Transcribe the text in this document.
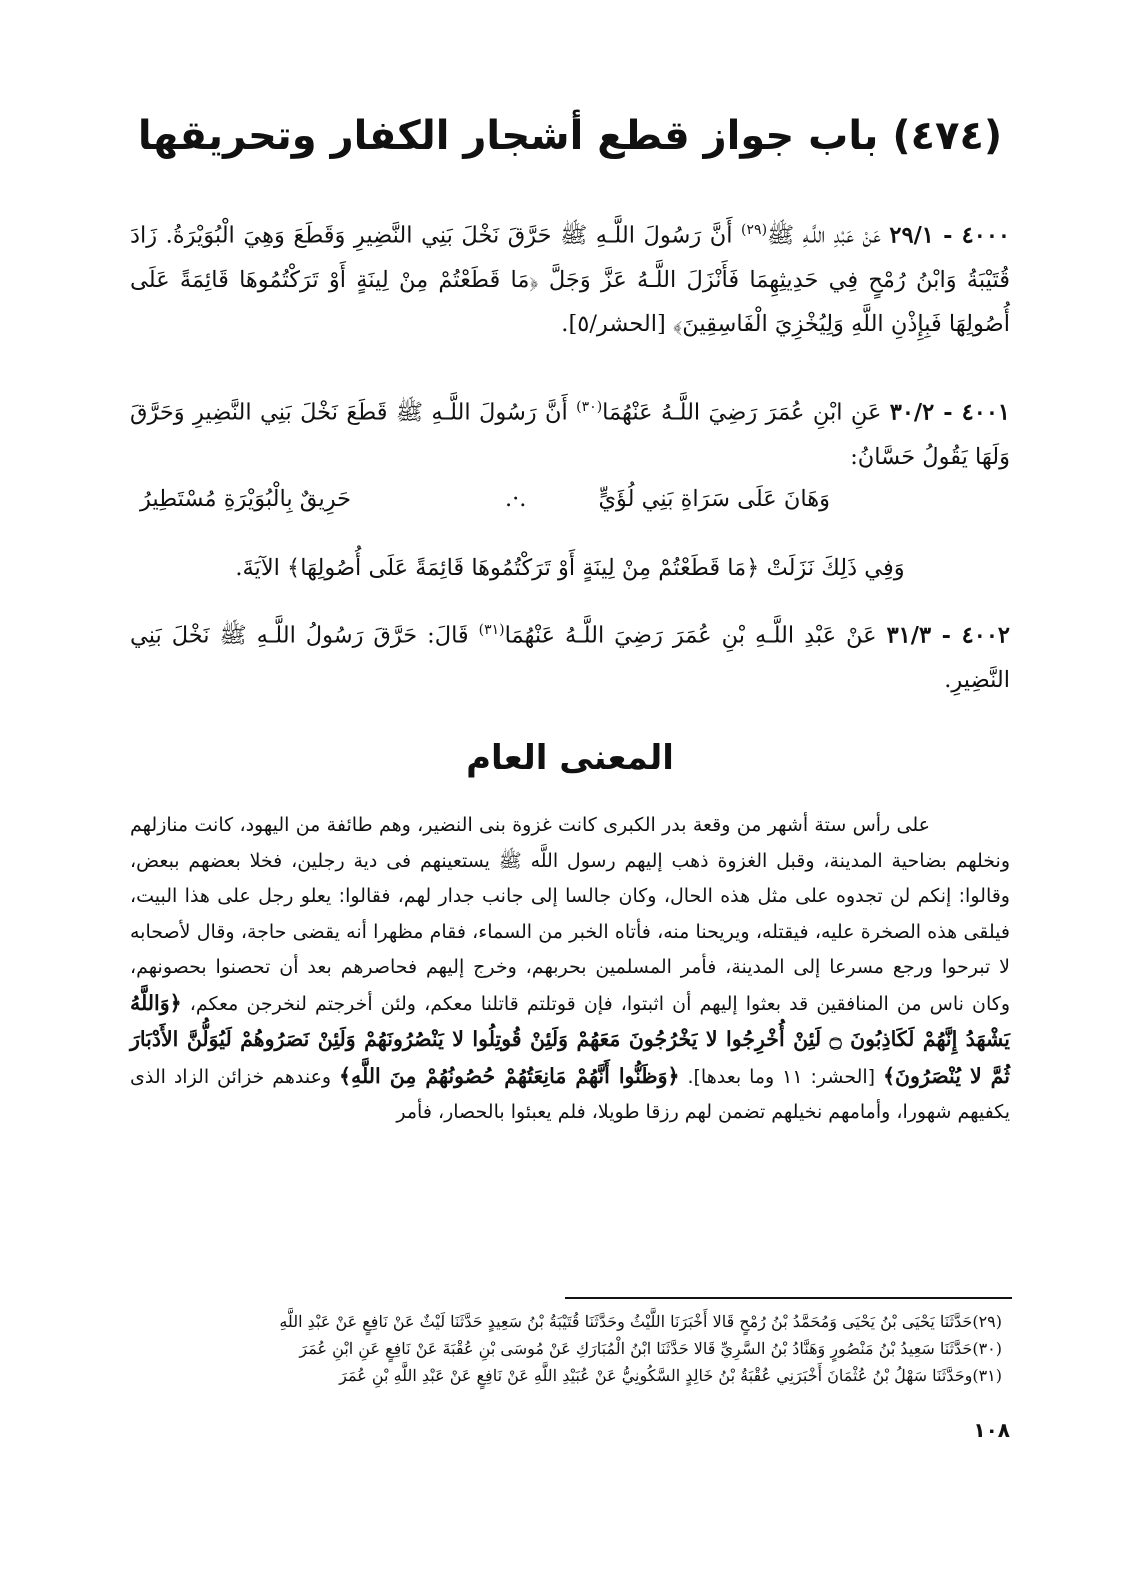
(٤٧٤) باب جواز قطع أشجار الكفار وتحريقها

٤٠٠٠ - ٢٩/١ عَنْ عَبْدِ اللَّـهِ ﷺ$^{(٢٩)}$ أَنَّ رَسُولَ اللَّـهِ ﷺ حَرَّقَ نَخْلَ بَنِي النَّضِيرِ وَقَطَعَ وَهِيَ الْبُوَيْرَةُ. زَادَ قُتَيْبَةُ وَابْنُ رُمْحٍ فِي حَدِيثِهِمَا فَأَنْزَلَ اللَّـهُ عَزَّ وَجَلَّ ﴿مَا قَطَعْتُمْ مِنْ لِينَةٍ أَوْ تَرَكْتُمُوهَا قَائِمَةً عَلَى أُصُولِهَا فَبِإِذْنِ اللَّهِ وَلِيُخْزِيَ الْفَاسِقِينَ﴾ [الحشر/٥].

٤٠٠١ - ٣٠/٢ عَنِ ابْنِ عُمَرَ رَضِيَ اللَّـهُ عَنْهُمَا$^{(٣٠)}$ أَنَّ رَسُولَ اللَّـهِ ﷺ قَطَعَ نَخْلَ بَنِي النَّضِيرِ وَحَرَّقَ وَلَهَا يَقُولُ حَسَّانُ:

وَهَانَ عَلَى سَرَاةِ بَنِي لُؤَيٍّ
.·.
حَرِيقٌ بِالْبُوَيْرَةِ مُسْتَطِيرُ

وَفِي ذَلِكَ نَزَلَتْ ﴿مَا قَطَعْتُمْ مِنْ لِينَةٍ أَوْ تَرَكْتُمُوهَا قَائِمَةً عَلَى أُصُولِهَا﴾ الآيَةَ.

٤٠٠٢ - ٣١/٣ عَنْ عَبْدِ اللَّـهِ بْنِ عُمَرَ رَضِيَ اللَّـهُ عَنْهُمَا$^{(٣١)}$ قَالَ: حَرَّقَ رَسُولُ اللَّـهِ ﷺ نَخْلَ بَنِي النَّضِيرِ.

المعنى العام

على رأس ستة أشهر من وقعة بدر الكبرى كانت غزوة بنى النضير، وهم طائفة من اليهود، كانت منازلهم ونخلهم بضاحية المدينة، وقبل الغزوة ذهب إليهم رسول اللَّه ﷺ يستعينهم فى دية رجلين، فخلا بعضهم ببعض، وقالوا: إنكم لن تجدوه على مثل هذه الحال، وكان جالسا إلى جانب جدار لهم، فقالوا: يعلو رجل على هذا البيت، فيلقى هذه الصخرة عليه، فيقتله، ويريحنا منه، فأتاه الخبر من السماء، فقام مظهرا أنه يقضى حاجة، وقال لأصحابه لا تبرحوا ورجع مسرعا إلى المدينة، فأمر المسلمين بحربهم، وخرج إليهم فحاصرهم بعد أن تحصنوا بحصونهم، وكان ناس من المنافقين قد بعثوا إليهم أن اثبتوا، فإن قوتلتم قاتلنا معكم، ولئن أخرجتم لنخرجن معكم، ﴿وَاللَّهُ يَشْهَدُ إِنَّهُمْ لَكَاذِبُونَ ۝ لَئِنْ أُخْرِجُوا لا يَخْرُجُونَ مَعَهُمْ وَلَئِنْ قُوتِلُوا لا يَنْصُرُونَهُمْ وَلَئِنْ نَصَرُوهُمْ لَيُوَلُّنَّ الأَدْبَارَ ثُمَّ لا يُنْصَرُونَ﴾ [الحشر: ١١ وما بعدها]. ﴿وَظَنُّوا أَنَّهُمْ مَانِعَتُهُمْ حُصُونُهُمْ مِنَ اللَّهِ﴾ وعندهم خزائن الزاد الذى يكفيهم شهورا، وأمامهم نخيلهم تضمن لهم رزقا طويلا، فلم يعبئوا بالحصار، فأمر

(٢٩)حَدَّثَنَا يَحْيَى بْنُ يَحْيَى وَمُحَمَّدُ بْنُ رُمْحٍ قَالا أَخْبَرَنَا اللَّيْثُ وحَدَّثَنَا قُتَيْبَةُ بْنُ سَعِيدٍ حَدَّثَنَا لَيْثٌ عَنْ نَافِعٍ عَنْ عَبْدِ اللَّهِ
(٣٠)حَدَّثَنَا سَعِيدُ بْنُ مَنْصُورٍ وَهَنَّادُ بْنُ السَّرِيِّ قَالا حَدَّثَنَا ابْنُ الْمُبَارَكِ عَنْ مُوسَى بْنِ عُقْبَةَ عَنْ نَافِعٍ عَنِ ابْنِ عُمَرَ
(٣١)وحَدَّثَنَا سَهْلُ بْنُ عُثْمَانَ أَخْبَرَنِي عُقْبَةُ بْنُ خَالِدٍ السَّكُونِيُّ عَنْ عُبَيْدِ اللَّهِ عَنْ نَافِعٍ عَنْ عَبْدِ اللَّهِ بْنِ عُمَرَ
١٠٨
